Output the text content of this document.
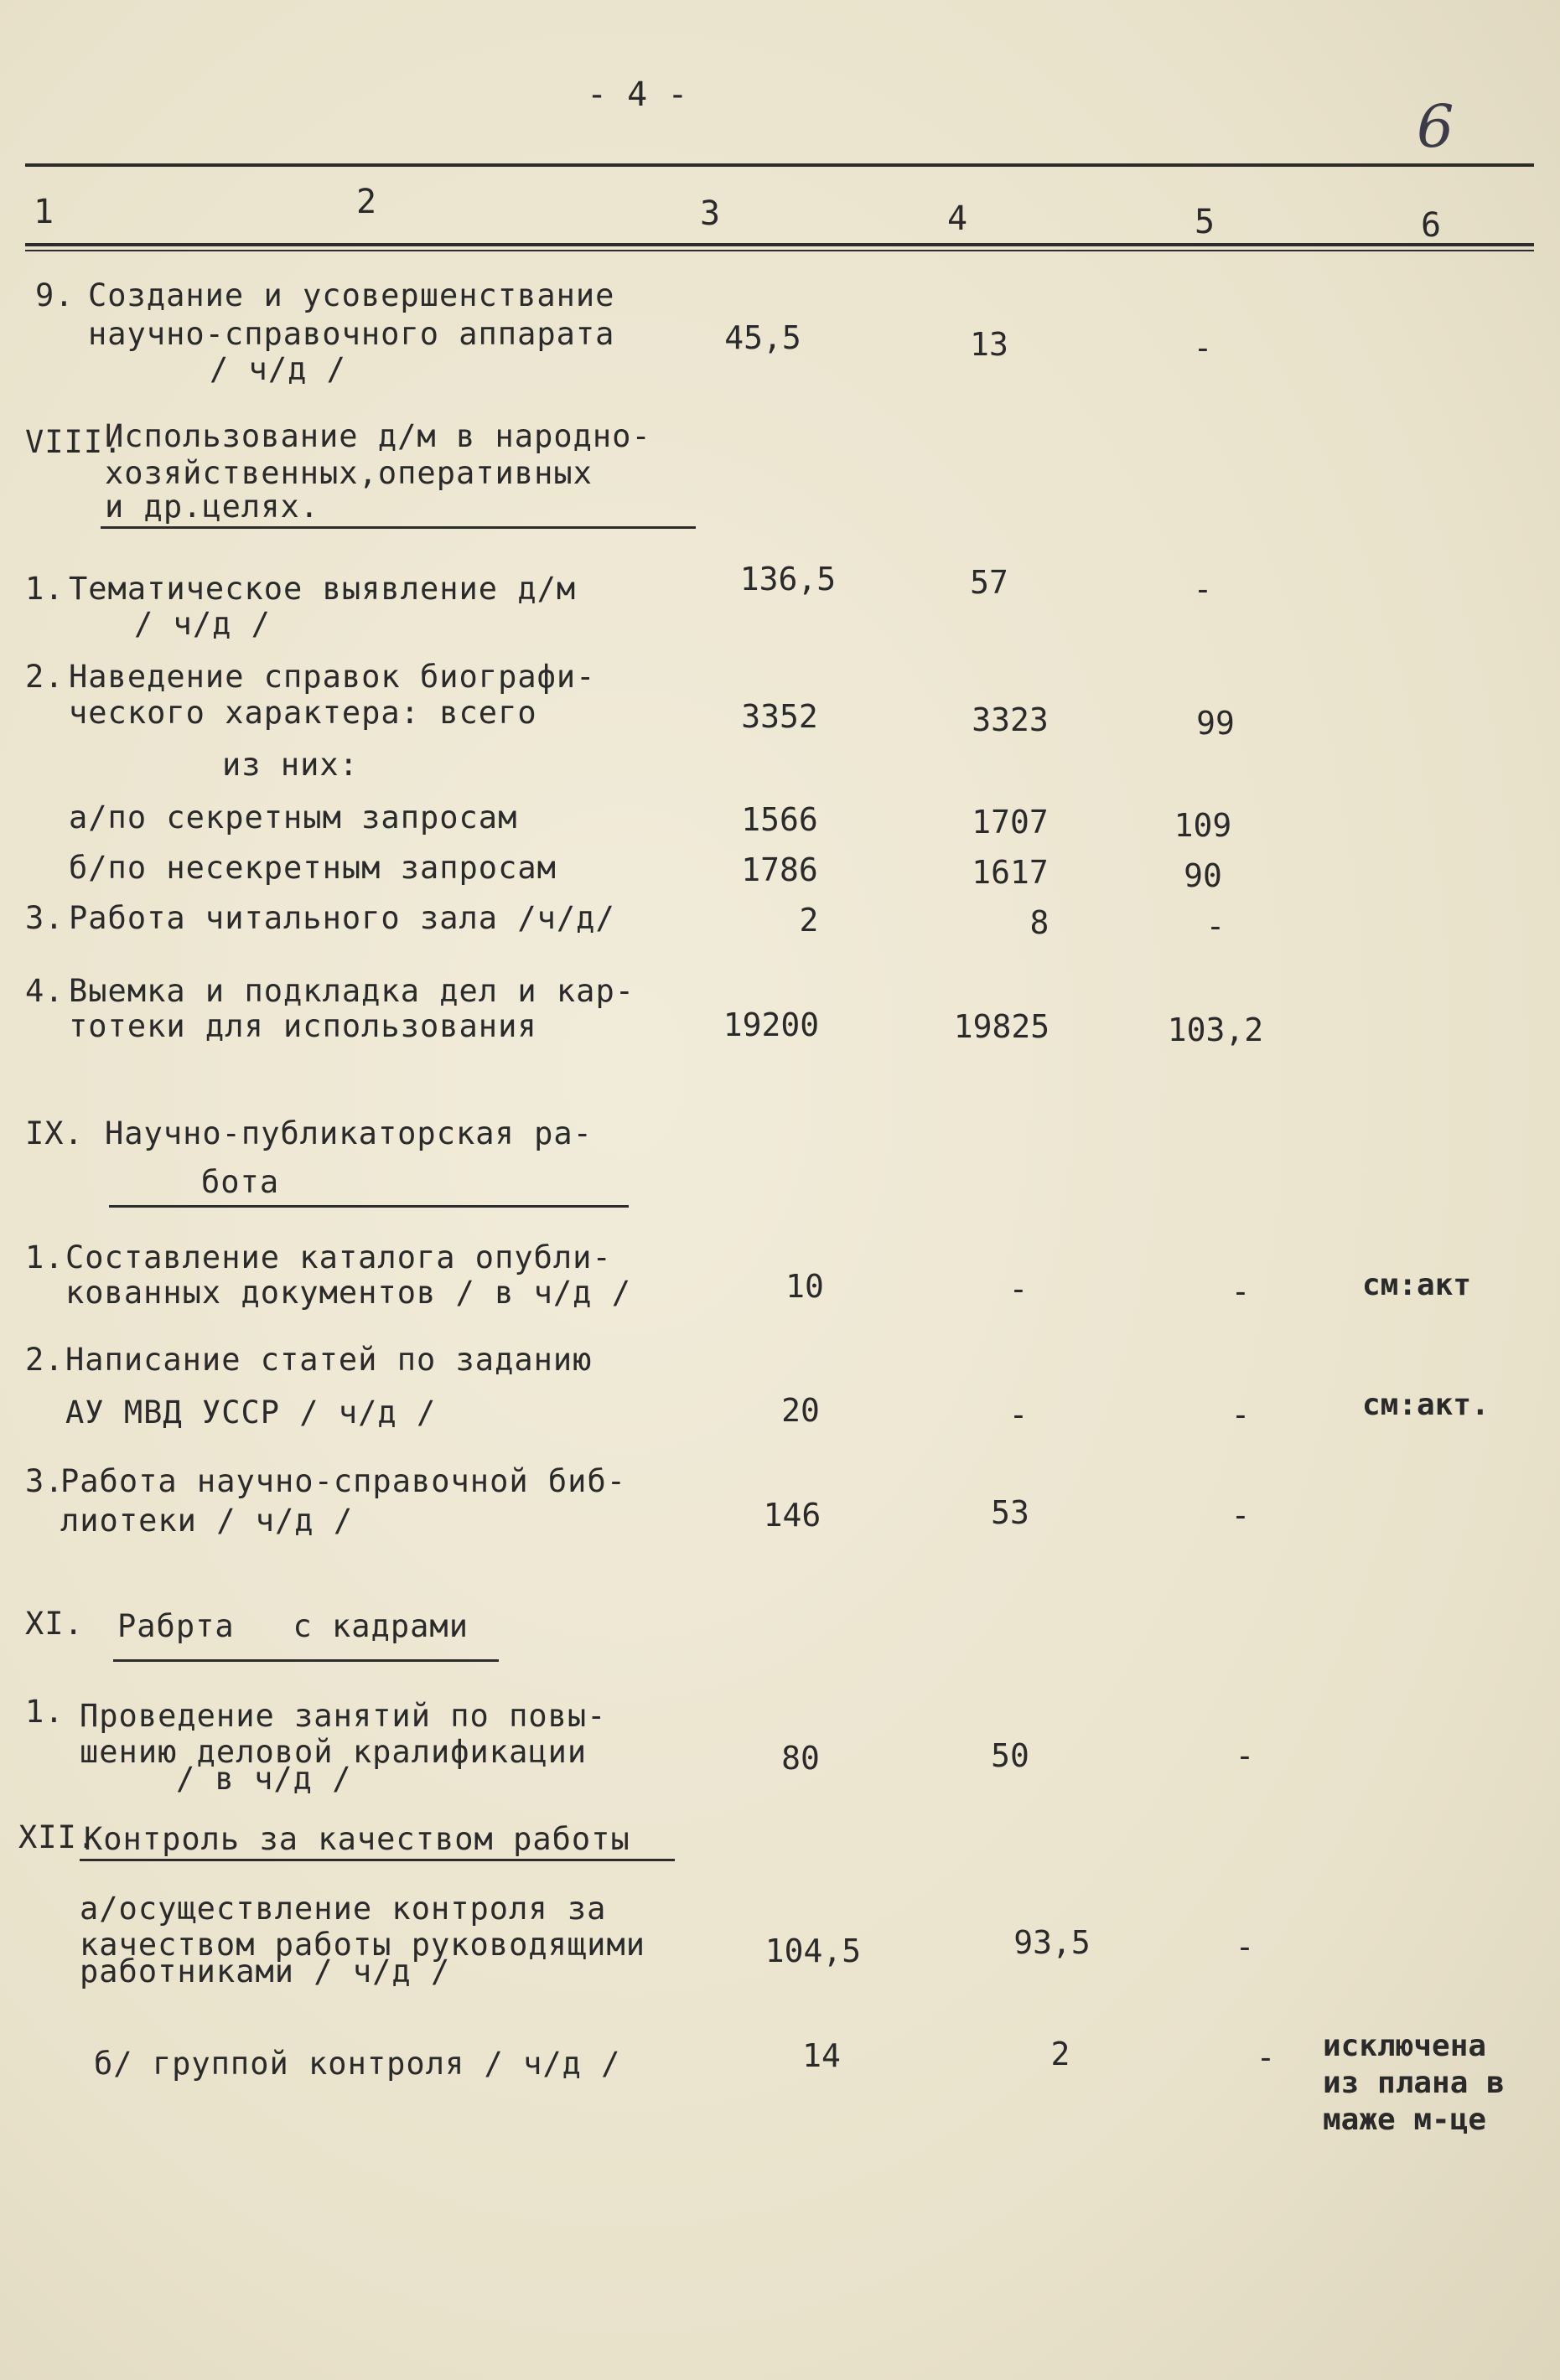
- 4 -	6
1	2	3	4	5	6
9. Создание и усовершенствание
научно-справочного аппарата
/ ч/д /
45,5	13	-
VIII.
Использование д/м в народно-
хозяйственных,оперативных
и др.целях.
1. Тематическое выявление д/м
/ ч/д /
136,5	57	-
2. Наведение справок биографи-
ческого характера: всего
из них:
3352	3323	99
а/по секретным запросам	1566	1707	109
б/по несекретным запросам	1786	1617	90
3. Работа читального зала /ч/д/	2	8	-
4. Выемка и подкладка дел и кар-
тотеки для использования	19200	19825	103,2
IX. Научно-публикаторская ра-
бота
1. Составление каталога опубли-
кованных документов / в ч/д /	10	-	-	см:акт
2. Написание статей по заданию
АУ МВД УССР / ч/д /	20	-	-	см:акт.
3.
Работа научно-справочной биб-
лиотеки / ч/д /	146	53	-
XI. Рабрта   с кадрами
1. Проведение занятий по повы-
шению деловой кралификации
/ в ч/д /
80	50	-
XII.
Контроль за качеством работы
а/осуществление контроля за
качеством работы руководящими
работниками / ч/д /
104,5	93,5	-
б/ группой контроля / ч/д /	14	2	-	исключена
из плана в
маже м-це
